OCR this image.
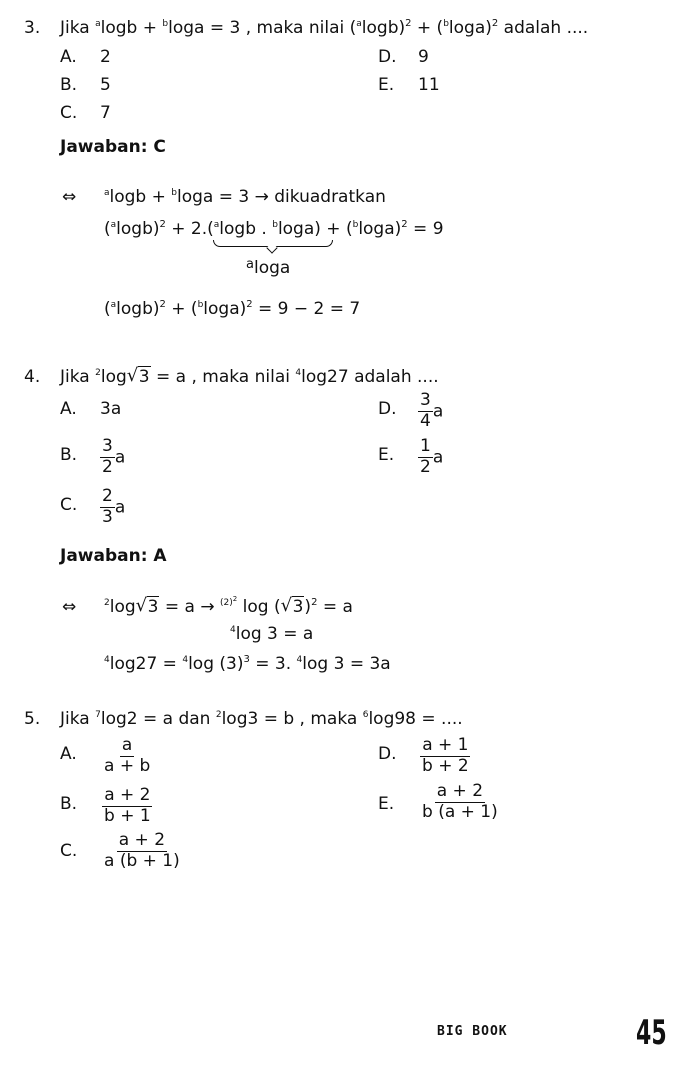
3. Jika $^a$logb + $^b$loga = 3 , maka nilai $(^a\log b)^2 + (^b\log a)^2$ adalah ....
A. 2	D. 9
B. 5	E. 11
C. 7
Jawaban: C
⇔	$^a$logb + $^b$loga = 3 → dikuadratkan
$(^a\log b)^2 + 2.(^a\log b$ . $^b\log a) + (^b\log a)^2 = 9$
$^a$loga
$(^a\log b)^2 + (^b\log a)^2 = 9 - 2 = 7$
4. Jika $^2$log √ 3 = a , maka nilai $^4$log27 adalah ....
A. 3a	D. $\frac{3}{4}$ a
B. $\frac{3}{2}$ a	E. $\frac{1}{2}$ a
C. $\frac{2}{3}$ a
Jawaban: A
⇔	$^2$log √ 3 = a → $^{(2)^2}$ log ( √ 3)$^2$ = a
$^4$log 3 = a
$^4$log27 = $^4$log $(3)^3 = 3$. $^4$log 3 = 3a
5. Jika $^7$log2 = a dan $^2$log3 = b , maka $^6$log98 = ....
A. $\frac{a}{a + b}$	D. $\frac{a + 1}{b + 2}$
B. $\frac{a + 2}{b + 1}$	E. $\frac{a + 2}{b (a + 1)}$
C. $\frac{a + 2}{a (b + 1)}$
BIG BOOK	45
